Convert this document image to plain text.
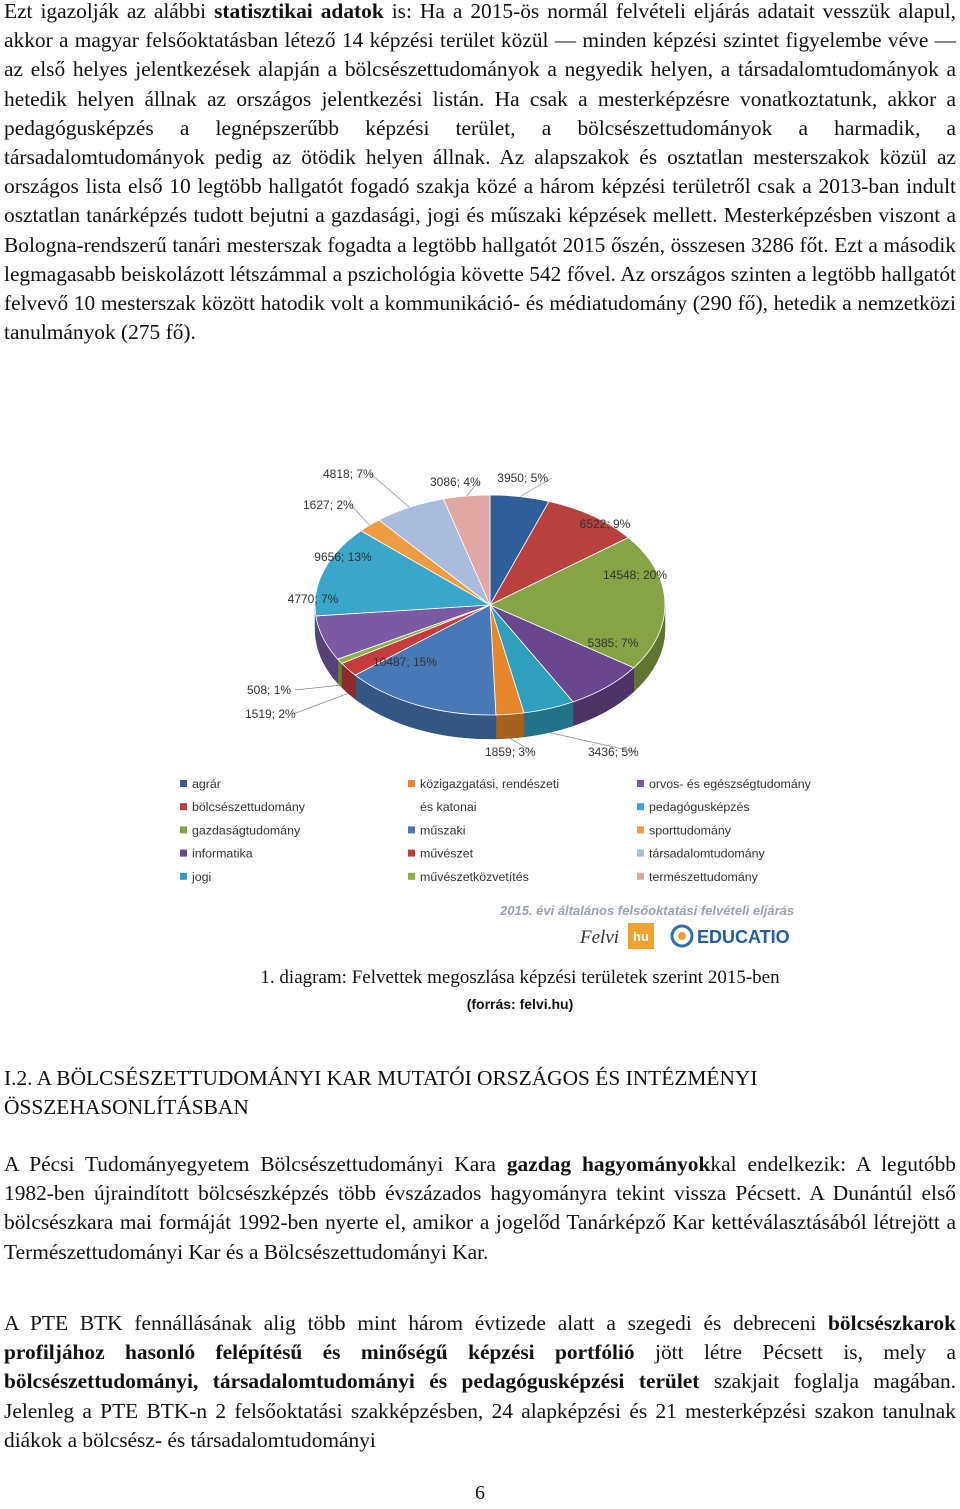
Ezt igazolják az alábbi statisztikai adatok is: Ha a 2015-ös normál felvételi eljárás adatait vesszük alapul, akkor a magyar felsőoktatásban létező 14 képzési terület közül — minden képzési szintet figyelembe véve — az első helyes jelentkezések alapján a bölcsészettudományok a negyedik helyen, a társadalomtudományok a hetedik helyen állnak az országos jelentkezési listán. Ha csak a mesterképzésre vonatkoztatunk, akkor a pedagógusképzés a legnépszerűbb képzési terület, a bölcsészettudományok a harmadik, a társadalomtudományok pedig az ötödik helyen állnak. Az alapszakok és osztatlan mesterszakok közül az országos lista első 10 legtöbb hallgatót fogadó szakja közé a három képzési területről csak a 2013-ban indult osztatlan tanárképzés tudott bejutni a gazdasági, jogi és műszaki képzések mellett. Mesterképzésben viszont a Bologna-rendszerű tanári mesterszak fogadta a legtöbb hallgatót 2015 őszén, összesen 3286 főt. Ezt a második legmagasabb beiskolázott létszámmal a pszichológia követte 542 fővel. Az országos szinten a legtöbb hallgatót felvevő 10 mesterszak között hatodik volt a kommunikáció- és médiatudomány (290 fő), hetedik a nemzetközi tanulmányok (275 fő).

3950; 5%
6522; 9%
14548; 20%
5385; 7%
3436; 5%
1859; 3%
10487; 15%
1519; 2%
508; 1%
4770; 7%
9656; 13%
1627; 2%
4818; 7%
3086; 4%
agrár
bölcsészettudomány
gazdaságtudomány
informatika
jogi
közigazgatási, rendészeti
és katonai
műszaki
művészet
művészetközvetítés
orvos- és egészségtudomány
pedagógusképzés
sporttudomány
társadalomtudomány
természettudomány
2015. évi általános felsőoktatási felvételi eljárás
Felvi hu	EDUCATIO

1. diagram: Felvettek megoszlása képzési területek szerint 2015-ben

(forrás: felvi.hu)

I.2. A BÖLCSÉSZETTUDOMÁNYI KAR MUTATÓI ORSZÁGOS ÉS INTÉZMÉNYI ÖSSZEHASONLÍTÁSBAN

A Pécsi Tudományegyetem Bölcsészettudományi Kara gazdag hagyományokkal endelkezik: A legutóbb 1982-ben újraindított bölcsészképzés több évszázados hagyományra tekint vissza Pécsett. A Dunántúl első bölcsészkara mai formáját 1992-ben nyerte el, amikor a jogelőd Tanárképző Kar kettéválasztásából létrejött a Természettudományi Kar és a Bölcsészettudományi Kar.

A PTE BTK fennállásának alig több mint három évtizede alatt a szegedi és debreceni bölcsészkarok profiljához hasonló felépítésű és minőségű képzési portfólió jött létre Pécsett is, mely a bölcsészettudományi, társadalomtudományi és pedagógusképzési terület szakjait foglalja magában. Jelenleg a PTE BTK-n 2 felsőoktatási szakképzésben, 24 alapképzési és 21 mesterképzési szakon tanulnak diákok a bölcsész- és társadalomtudományi

6
